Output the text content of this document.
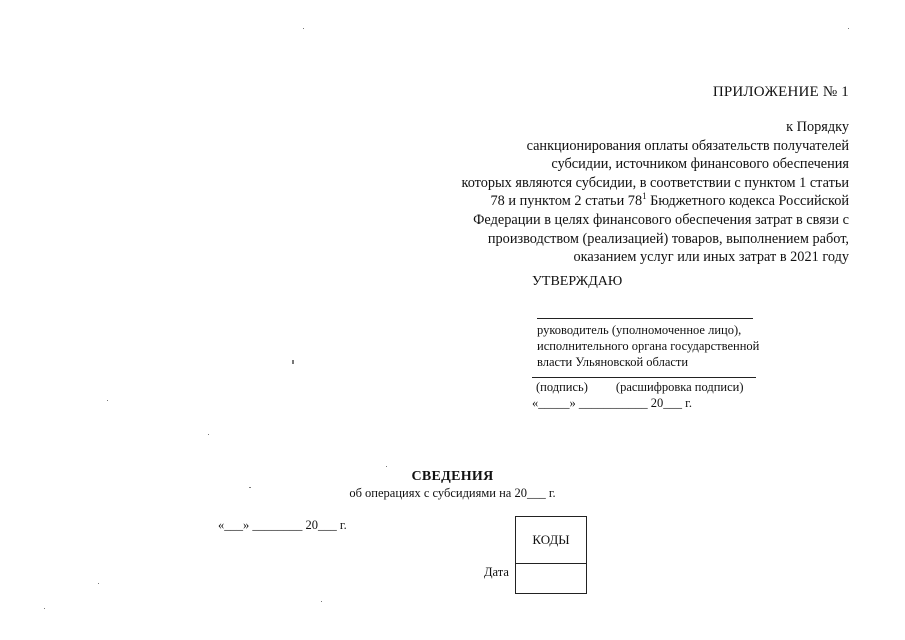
ПРИЛОЖЕНИЕ № 1
к Порядку
санкционирования оплаты обязательств получателей
субсидии, источником финансового обеспечения
которых являются субсидии, в соответствии с пунктом 1 статьи
78 и пунктом 2 статьи $78^1$ Бюджетного кодекса Российской
Федерации в целях финансового обеспечения затрат в связи с
производством (реализацией) товаров, выполнением работ,
оказанием услуг или иных затрат в 2021 году
УТВЕРЖДАЮ
руководитель (уполномоченное лицо),
исполнительного органа государственной
власти Ульяновской области
(подпись) (расшифровка подписи)
«_____» ___________ 20___ г.
СВЕДЕНИЯ
об операциях с субсидиями на 20___ г.
«___» ________ 20___ г.
КОДЫ
Дата
